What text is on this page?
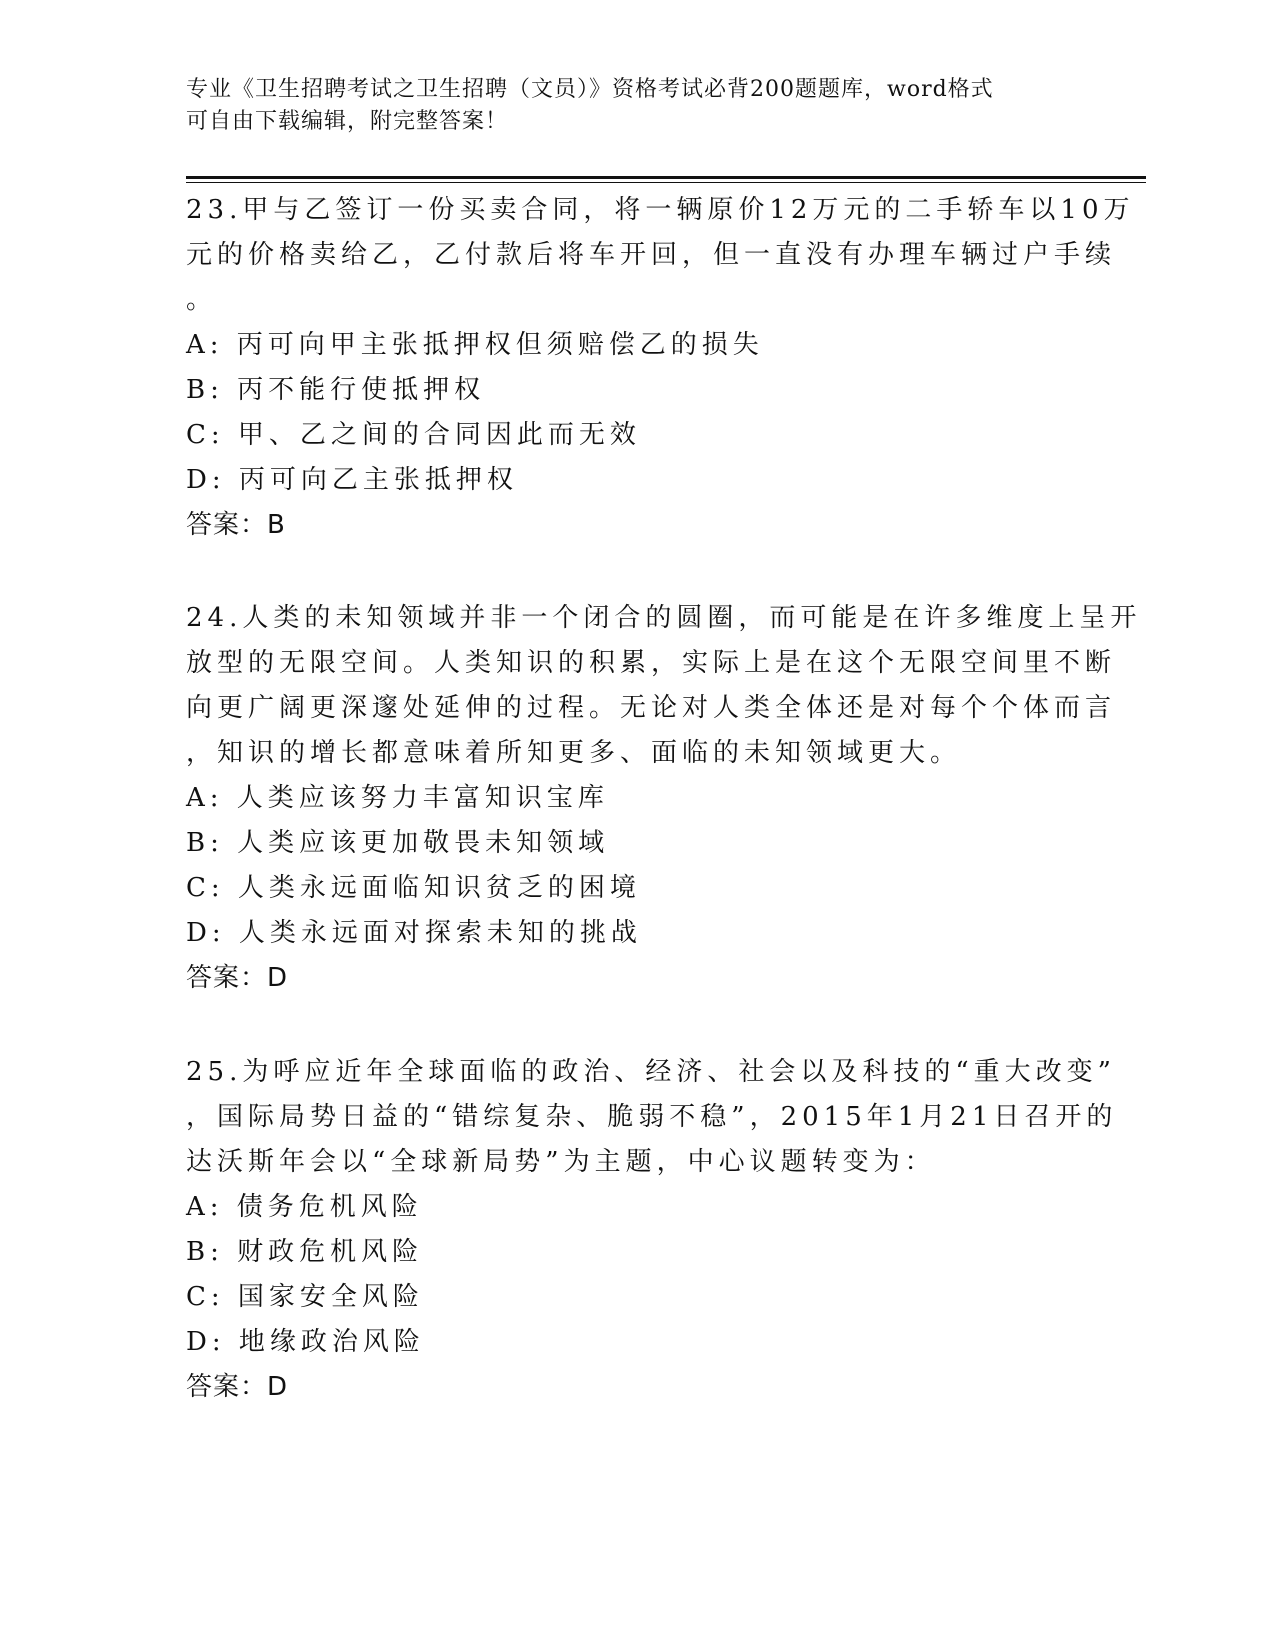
专业《卫生招聘考试之卫生招聘（文员）》资格考试必背200题题库，word格式
可自由下载编辑，附完整答案！
23.甲与乙签订一份买卖合同，将一辆原价12万元的二手轿车以10万
元的价格卖给乙，乙付款后将车开回，但一直没有办理车辆过户手续
。
A: 丙可向甲主张抵押权但须赔偿乙的损失
B: 丙不能行使抵押权
C: 甲、乙之间的合同因此而无效
D: 丙可向乙主张抵押权
答案：B
24.人类的未知领域并非一个闭合的圆圈，而可能是在许多维度上呈开
放型的无限空间。人类知识的积累，实际上是在这个无限空间里不断
向更广阔更深邃处延伸的过程。无论对人类全体还是对每个个体而言
，知识的增长都意味着所知更多、面临的未知领域更大。
A: 人类应该努力丰富知识宝库
B: 人类应该更加敬畏未知领域
C: 人类永远面临知识贫乏的困境
D: 人类永远面对探索未知的挑战
答案：D
25.为呼应近年全球面临的政治、经济、社会以及科技的“重大改变”
，国际局势日益的“错综复杂、脆弱不稳”，2015年1月21日召开的
达沃斯年会以“全球新局势”为主题，中心议题转变为：
A: 债务危机风险
B: 财政危机风险
C: 国家安全风险
D: 地缘政治风险
答案：D
